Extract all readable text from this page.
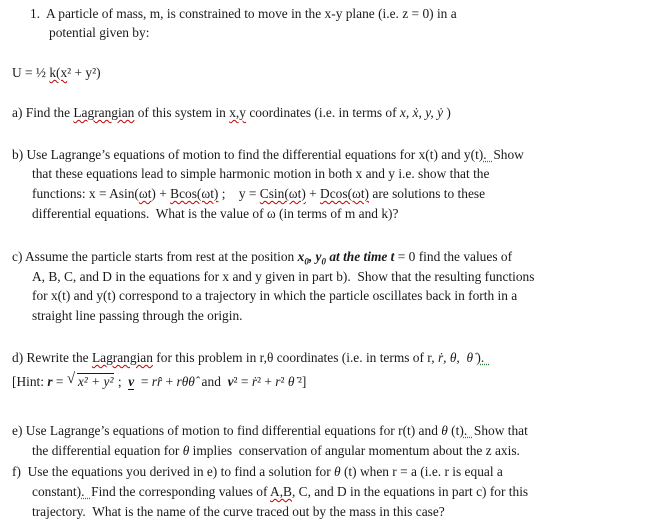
1.  A particle of mass, m, is constrained to move in the x-y plane (i.e. z = 0) in a
potential given by:
U = ½ k(x² + y²)
a) Find the Lagrangian of this system in x,y coordinates (i.e. in terms of x, ẋ, y, ẏ )
b) Use Lagrange’s equations of motion to find the differential equations for x(t) and y(t).  Show
that these equations lead to simple harmonic motion in both x and y i.e. show that the
functions: x = Asin(ωt) + Bcos(ωt) ;    y = Csin(ωt) + Dcos(ωt) are solutions to these
differential equations.  What is the value of ω (in terms of m and k)?
c) Assume the particle starts from rest at the position $x_0$, $y_0$ at the time t = 0 find the values of
A, B, C, and D in the equations for x and y given in part b).  Show that the resulting functions
for x(t) and y(t) correspond to a trajectory in which the particle oscillates back in forth in a
straight line passing through the origin.
d) Rewrite the Lagrangian for this problem in r,θ coordinates (i.e. in terms of r, ṙ, θ,  θ̇ ).
[Hint: r = √ x² + y² ;  v  = rr̂ + rθθ̂  and  v² = ṙ² + r² θ̇ ²]
e) Use Lagrange’s equations of motion to find differential equations for r(t) and θ (t).  Show that
the differential equation for θ implies  conservation of angular momentum about the z axis.
f)  Use the equations you derived in e) to find a solution for θ (t) when r = a (i.e. r is equal a
constant).  Find the corresponding values of A,B, C, and D in the equations in part c) for this
trajectory.  What is the name of the curve traced out by the mass in this case?
